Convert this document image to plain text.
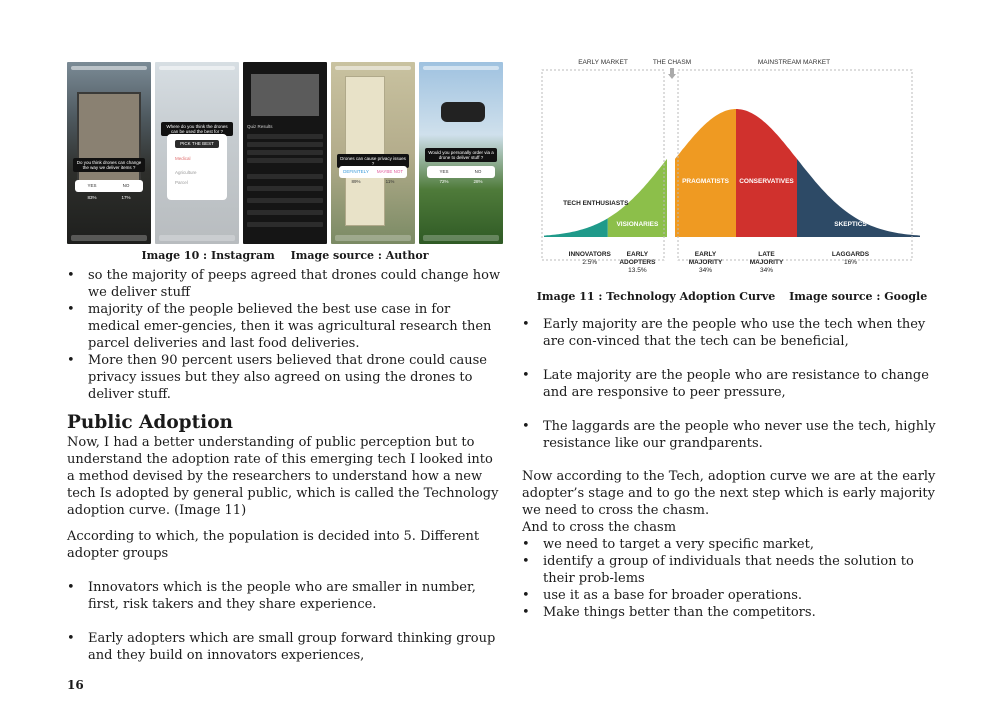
Do you think drones can change the way we deliver items ?
YES	NO
83%	17%
Where do you think the drones can be used the best for ?
PICK THE BEST
Medical
Agriculture
Parcel
Quiz Results
Drones can cause privacy issues ?
DEFINITELY	MAYBE NOT
89%	11%
Would you personally order via a drone to deliver stuff ?
YES	NO
72%	28%
Image 10 : Instagram Image source : Author
• so the majority of peeps agreed that drones could change how we deliver stuff
• majority of the people believed the best use case in for medical emer-gencies, then it was agricultural research then parcel deliveries and last food deliveries.
• More then 90 percent users believed that drone could cause privacy issues but they also agreed on using the drones to deliver stuff.
Public Adoption

Now, I had a better understanding of public perception but to understand the adoption rate of this emerging tech I looked into a method devised by the researchers to understand how a new tech Is adopted by general public, which is called the Technology adoption curve. (Image 11)

According to which, the population is decided into 5. Different adopter groups

• Innovators which is the people who are smaller in number, first, risk takers and they share experience.
• Early adopters which are small group forward thinking group and they build on innovators experiences,
EARLY MARKET	THE CHASM	MAINSTREAM MARKET
TECH ENTHUSIASTS
VISIONARIES
PRAGMATISTS CONSERVATIVES
SKEPTICS
INNOVATORS
2.5%
EARLY
ADOPTERS
13.5%
EARLY
MAJORITY
34%
LATE
MAJORITY
34%
LAGGARDS
16%
Image 11 : Technology Adoption Curve Image source : Google
• Early majority are the people who use the tech when they are con-vinced that the tech can be beneficial,
• Late majority are the people who are resistance to change and are responsive to peer pressure,
• The laggards are the people who never use the tech, highly resistance like our grandparents.

Now according to the Tech, adoption curve we are at the early adopter’s stage and to go the next step which is early majority we need to cross the chasm.

And to cross the chasm

• we need to target a very specific market,
• identify a group of individuals that needs the solution to their prob-lems
• use it as a base for broader operations.
• Make things better than the competitors.
16
